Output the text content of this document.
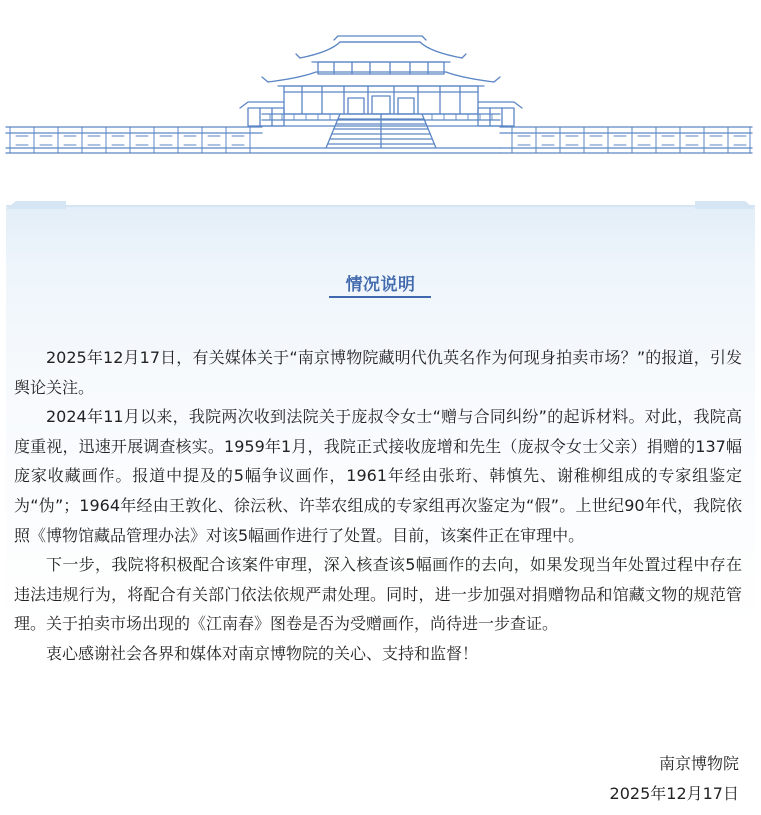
情况说明

2025年12月17日，有关媒体关于“南京博物院藏明代仇英名作为何现身拍卖市场？”的报道，引发舆论关注。

2024年11月以来，我院两次收到法院关于庞叔令女士“赠与合同纠纷”的起诉材料。对此，我院高度重视，迅速开展调查核实。1959年1月，我院正式接收庞增和先生（庞叔令女士父亲）捐赠的137幅庞家收藏画作。报道中提及的5幅争议画作，1961年经由张珩、韩慎先、谢稚柳组成的专家组鉴定为“伪”；1964年经由王敦化、徐沄秋、许莘农组成的专家组再次鉴定为“假”。上世纪90年代，我院依照《博物馆藏品管理办法》对该5幅画作进行了处置。目前，该案件正在审理中。

下一步，我院将积极配合该案件审理，深入核查该5幅画作的去向，如果发现当年处置过程中存在违法违规行为，将配合有关部门依法依规严肃处理。同时，进一步加强对捐赠物品和馆藏文物的规范管理。关于拍卖市场出现的《江南春》图卷是否为受赠画作，尚待进一步查证。

衷心感谢社会各界和媒体对南京博物院的关心、支持和监督！

南京博物院
2025年12月17日
